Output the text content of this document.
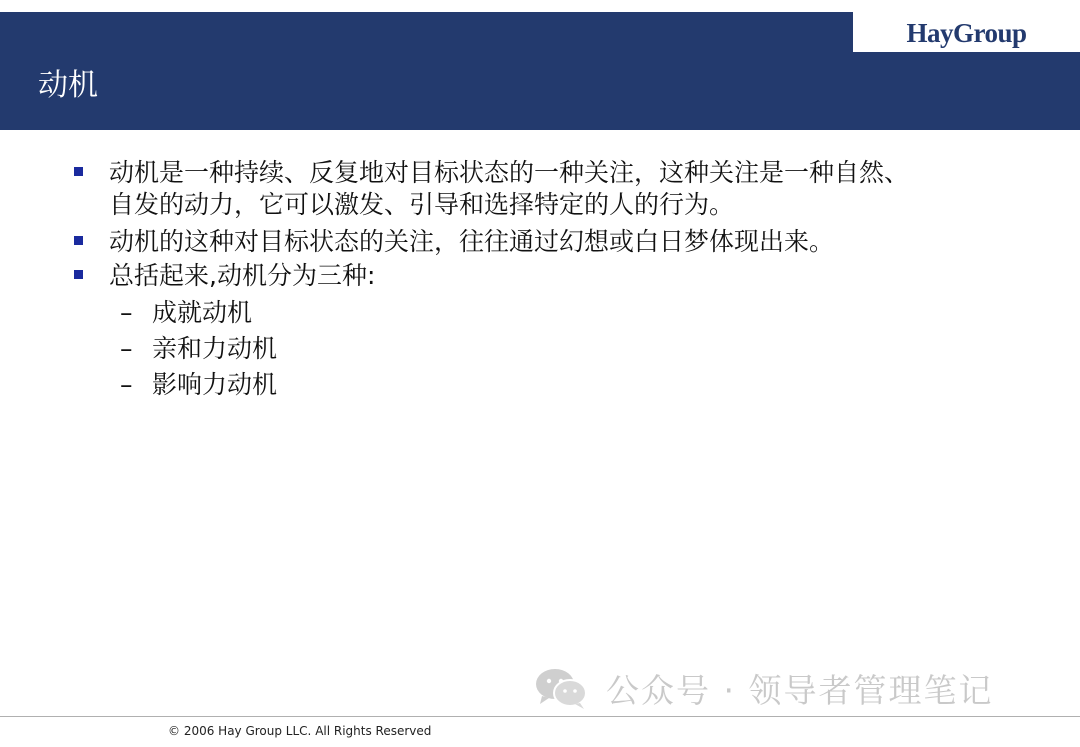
HayGroup
动机
动机是一种持续、反复地对目标状态的一种关注，这种关注是一种自然、
自发的动力，它可以激发、引导和选择特定的人的行为。
动机的这种对目标状态的关注，往往通过幻想或白日梦体现出来。
总括起来,动机分为三种:
– 成就动机
– 亲和力动机
– 影响力动机
公众号 · 领导者管理笔记
© 2006 Hay Group LLC. All Rights Reserved
